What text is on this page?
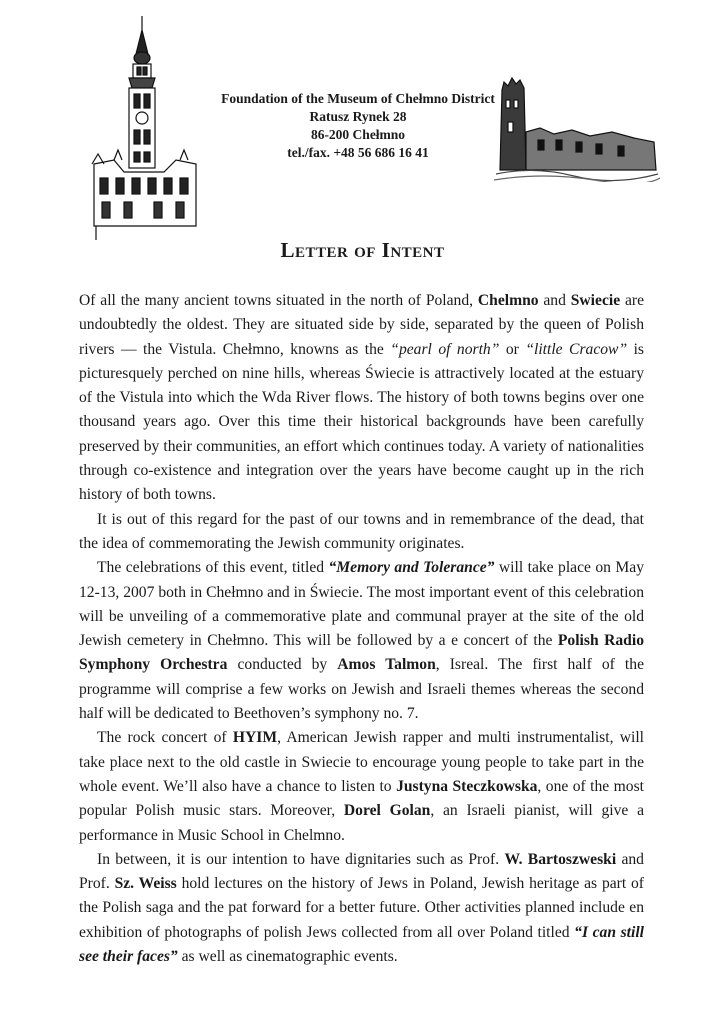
Foundation of the Museum of Chełmno District
Ratusz Rynek 28
86-200 Chełmno
tel./fax. +48 56 686 16 41
Letter of Intent

Of all the many ancient towns situated in the north of Poland, Chelmno and Swiecie are undoubtedly the oldest. They are situated side by side, separated by the queen of Polish rivers — the Vistula. Chełmno, knowns as the “pearl of north” or “little Cracow” is picturesquely perched on nine hills, whereas Świecie is attractively located at the estuary of the Vistula into which the Wda River flows. The history of both towns begins over one thousand years ago. Over this time their historical backgrounds have been carefully preserved by their communities, an effort which continues today. A variety of nationalities through co-existence and integration over the years have become caught up in the rich history of both towns.

It is out of this regard for the past of our towns and in remembrance of the dead, that the idea of commemorating the Jewish community originates.

The celebrations of this event, titled “Memory and Tolerance” will take place on May 12-13, 2007 both in Chełmno and in Świecie. The most important event of this celebration will be unveiling of a commemorative plate and communal prayer at the site of the old Jewish cemetery in Chełmno. This will be followed by a e concert of the Polish Radio Symphony Orchestra conducted by Amos Talmon, Isreal. The first half of the programme will comprise a few works on Jewish and Israeli themes whereas the second half will be dedicated to Beethoven’s symphony no. 7.

The rock concert of HYIM, American Jewish rapper and multi instrumentalist, will take place next to the old castle in Swiecie to encourage young people to take part in the whole event. We’ll also have a chance to listen to Justyna Steczkowska, one of the most popular Polish music stars. Moreover, Dorel Golan, an Israeli pianist, will give a performance in Music School in Chelmno.

In between, it is our intention to have dignitaries such as Prof. W. Bartoszweski and Prof. Sz. Weiss hold lectures on the history of Jews in Poland, Jewish heritage as part of the Polish saga and the pat forward for a better future. Other activities planned include en exhibition of photographs of polish Jews collected from all over Poland titled “I can still see their faces” as well as cinematographic events.
